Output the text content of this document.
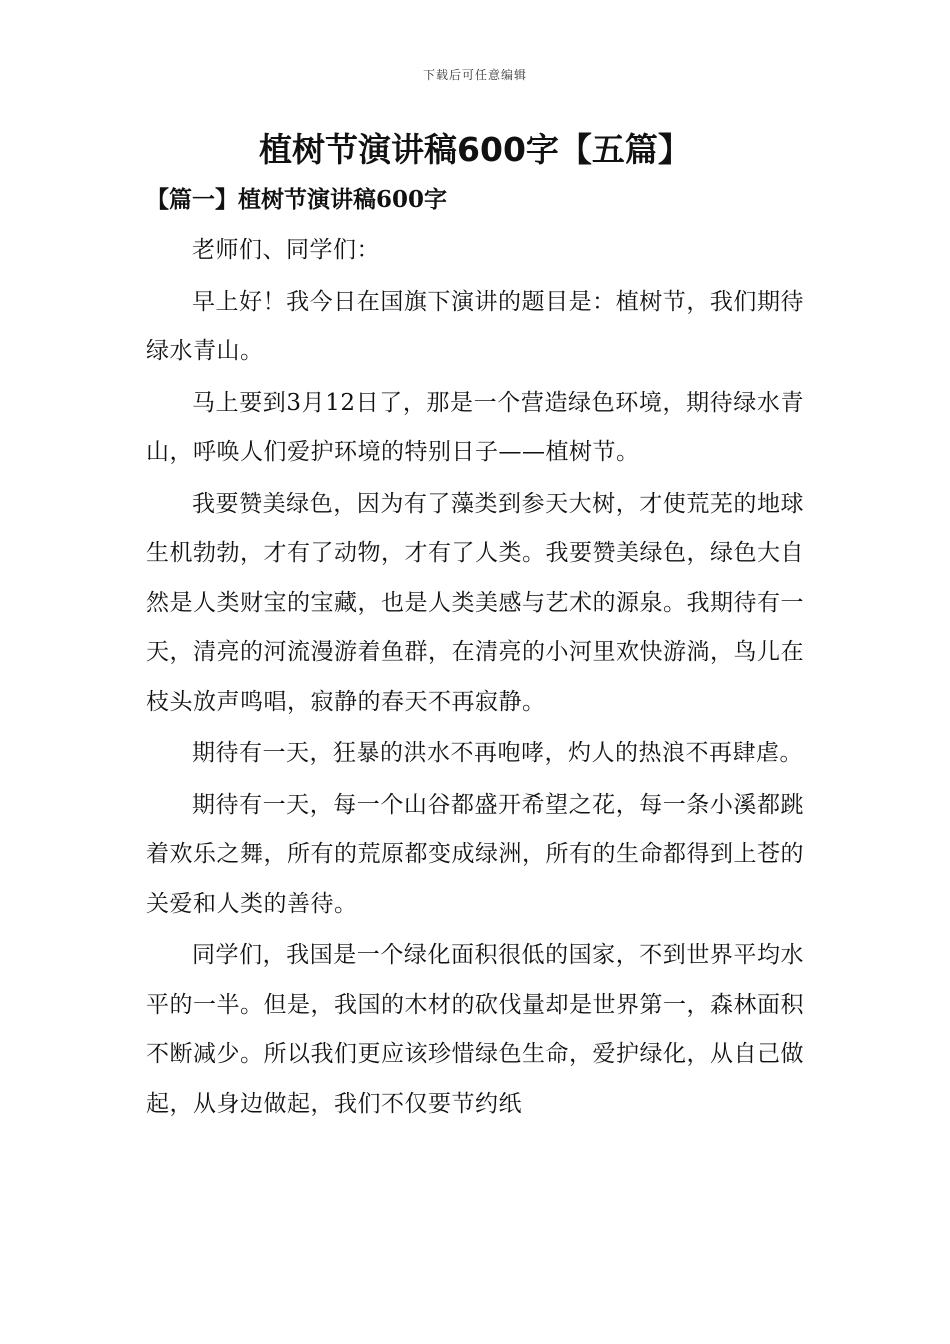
下载后可任意编辑
植树节演讲稿600字【五篇】
【篇一】植树节演讲稿600字

老师们、同学们：

早上好！我今日在国旗下演讲的题目是：植树节，我们期待绿水青山。

马上要到3月12日了，那是一个营造绿色环境，期待绿水青山，呼唤人们爱护环境的特别日子——植树节。

我要赞美绿色，因为有了藻类到参天大树，才使荒芜的地球生机勃勃，才有了动物，才有了人类。我要赞美绿色，绿色大自然是人类财宝的宝藏，也是人类美感与艺术的源泉。我期待有一天，清亮的河流漫游着鱼群，在清亮的小河里欢快游淌，鸟儿在枝头放声鸣唱，寂静的春天不再寂静。

期待有一天，狂暴的洪水不再咆哮，灼人的热浪不再肆虐。

期待有一天，每一个山谷都盛开希望之花，每一条小溪都跳着欢乐之舞，所有的荒原都变成绿洲，所有的生命都得到上苍的关爱和人类的善待。

同学们，我国是一个绿化面积很低的国家，不到世界平均水平的一半。但是，我国的木材的砍伐量却是世界第一，森林面积不断减少。所以我们更应该珍惜绿色生命，爱护绿化，从自己做起，从身边做起，我们不仅要节约纸
